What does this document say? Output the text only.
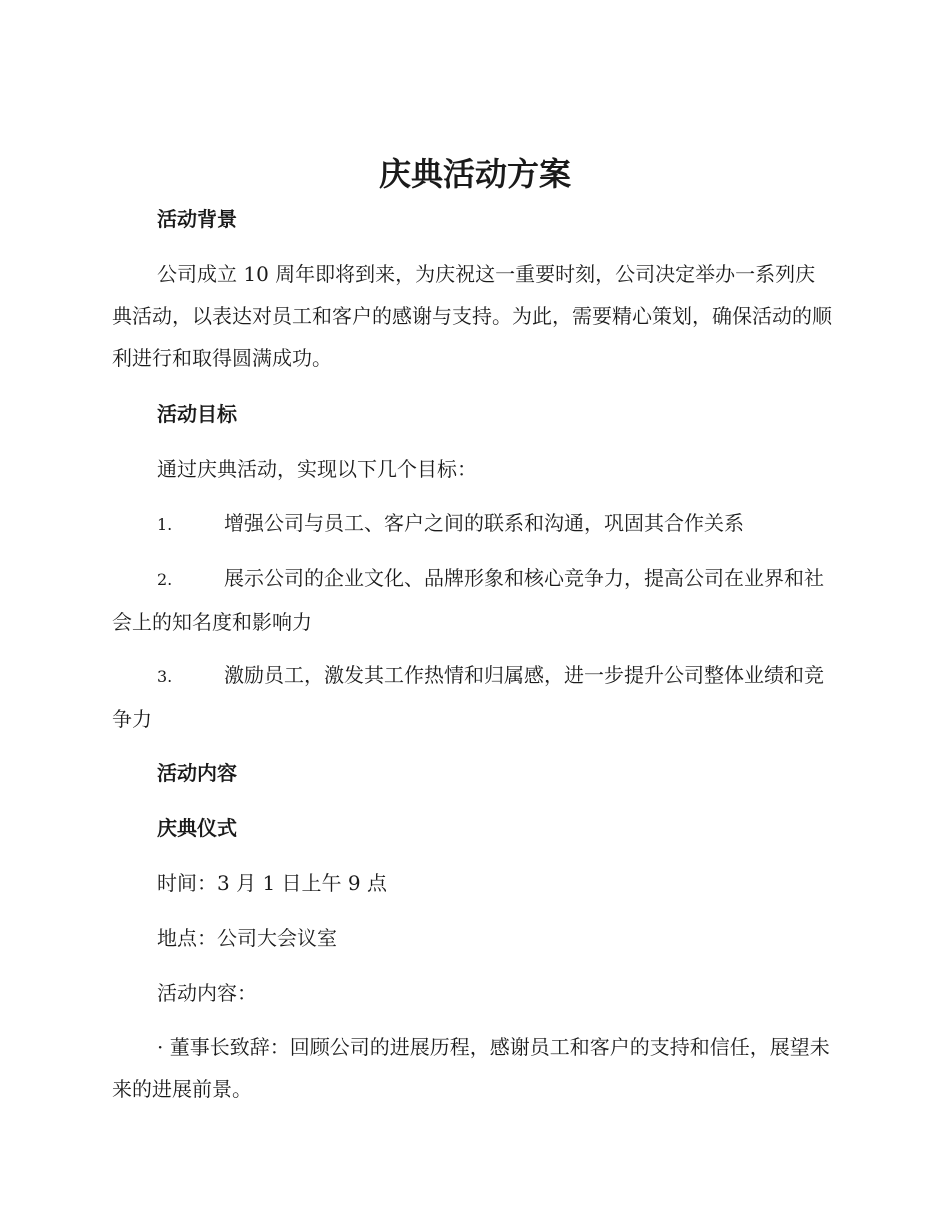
庆典活动方案
活动背景

公司成立 10 周年即将到来，为庆祝这一重要时刻，公司决定举办一系列庆典活动，以表达对员工和客户的感谢与支持。为此，需要精心策划，确保活动的顺利进行和取得圆满成功。

活动目标

通过庆典活动，实现以下几个目标：

1.	增强公司与员工、客户之间的联系和沟通，巩固其合作关系

2.	展示公司的企业文化、品牌形象和核心竞争力，提高公司在业界和社会上的知名度和影响力

3.	激励员工，激发其工作热情和归属感，进一步提升公司整体业绩和竞争力

活动内容
庆典仪式

时间：3 月 1 日上午 9 点

地点：公司大会议室

活动内容：

· 董事长致辞：回顾公司的进展历程，感谢员工和客户的支持和信任，展望未来的进展前景。
